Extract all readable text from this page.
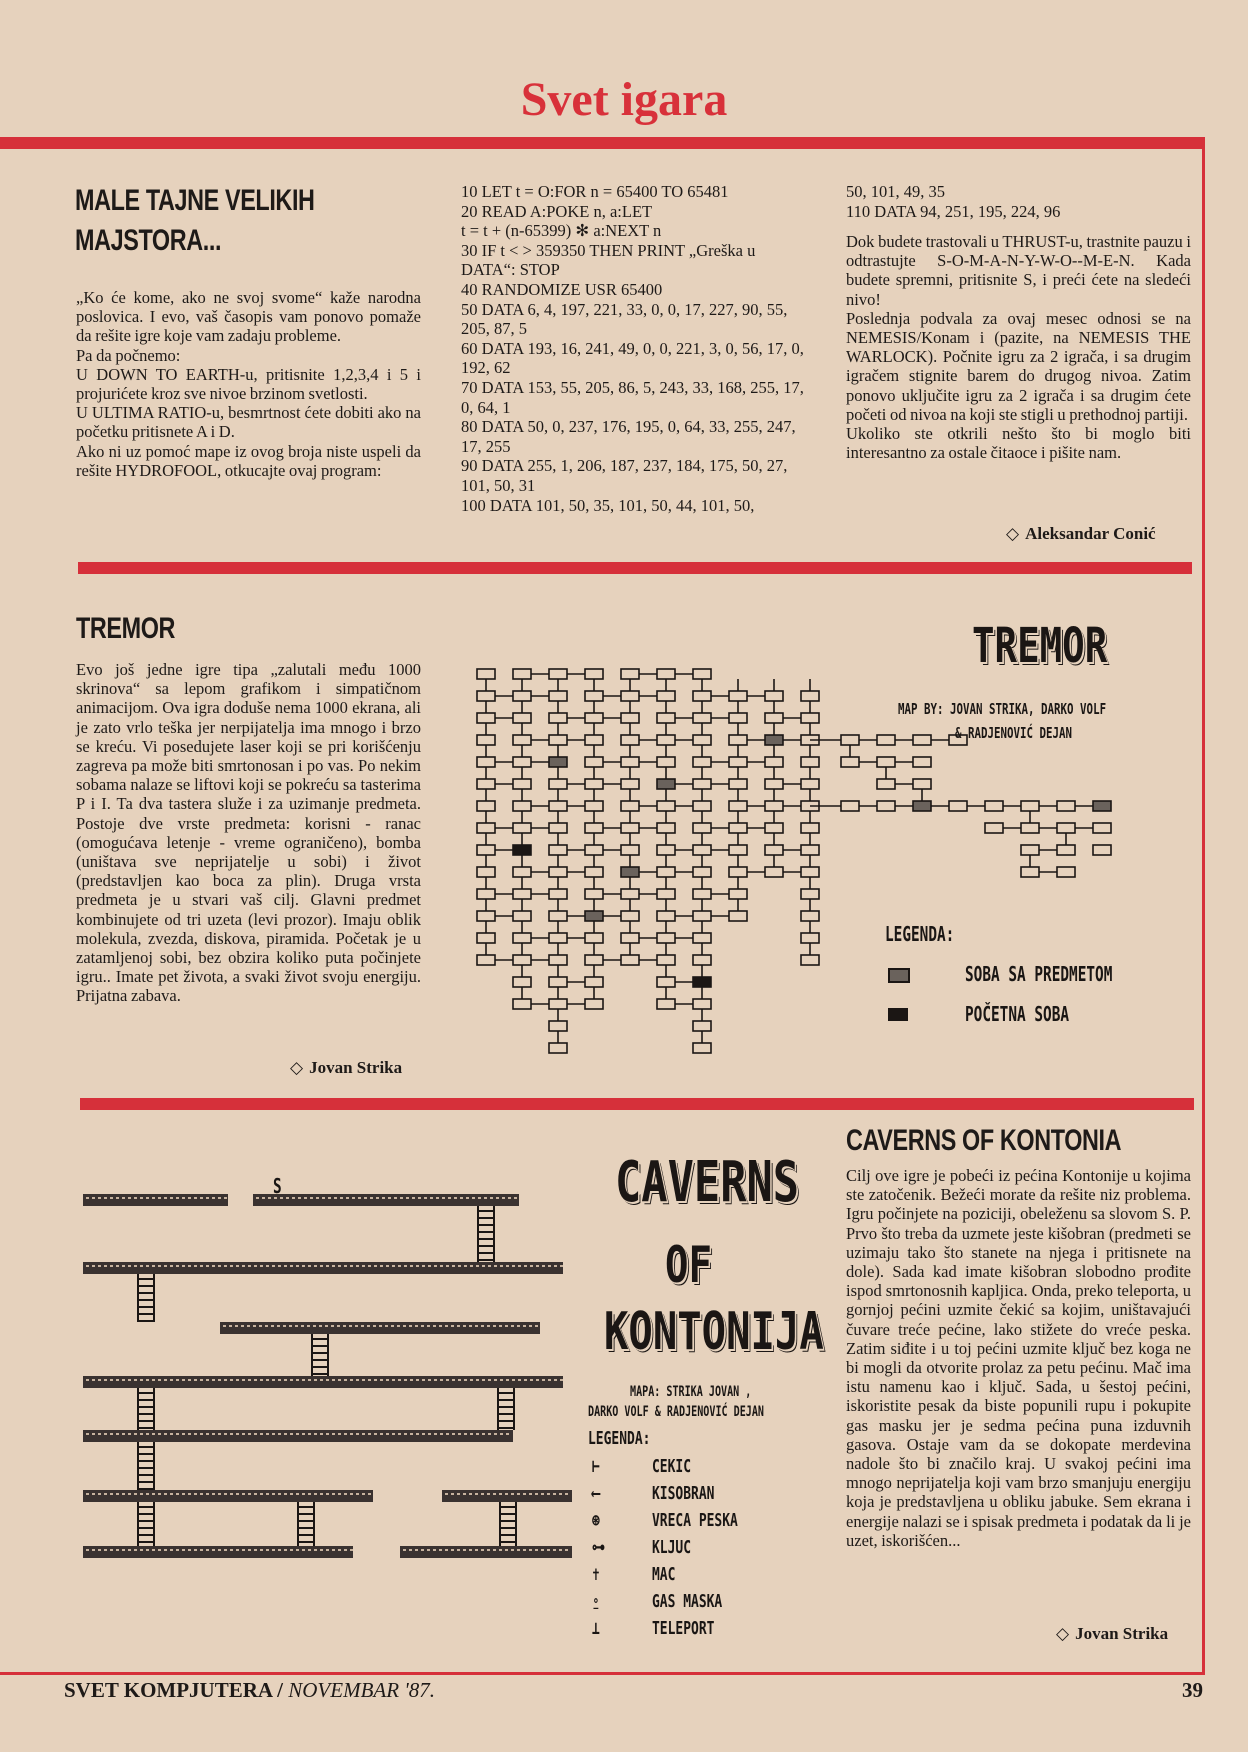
Svet igara
MALE TAJNE VELIKIH
MAJSTORA...
„Ko će kome, ako ne svoj svome“ kaže narodna poslovica. I evo, vaš časopis vam ponovo pomaže da rešite igre koje vam zadaju probleme.
Pa da počnemo:
U DOWN TO EARTH-u, pritisnite 1,2,3,4 i 5 i projurićete kroz sve nivoe brzinom svetlosti.
U ULTIMA RATIO-u, besmrtnost ćete dobiti ako na početku pritisnete A i D.
Ako ni uz pomoć mape iz ovog broja niste uspeli da rešite HYDROFOOL, otkucajte ovaj program:
10 LET t = O:FOR n = 65400 TO 65481
20 READ A:POKE n, a:LET
t = t + (n-65399) ✻ a:NEXT n
30 IF t < > 359350 THEN PRINT „Greška u DATA“: STOP
40 RANDOMIZE USR 65400
50 DATA 6, 4, 197, 221, 33, 0, 0, 17, 227, 90, 55, 205, 87, 5
60 DATA 193, 16, 241, 49, 0, 0, 221, 3, 0, 56, 17, 0, 192, 62
70 DATA 153, 55, 205, 86, 5, 243, 33, 168, 255, 17, 0, 64, 1
80 DATA 50, 0, 237, 176, 195, 0, 64, 33, 255, 247, 17, 255
90 DATA 255, 1, 206, 187, 237, 184, 175, 50, 27, 101, 50, 31
100 DATA 101, 50, 35, 101, 50, 44, 101, 50,
50, 101, 49, 35
110 DATA 94, 251, 195, 224, 96
Dok budete trastovali u THRUST-u, trastnite pauzu i odtrastujte S-O-M-A-N-Y-W-O--M-E-N. Kada budete spremni, pritisnite S, i preći ćete na sledeći nivo!
Poslednja podvala za ovaj mesec odnosi se na NEMESIS/Konam i (pazite, na NEMESIS THE WARLOCK). Počnite igru za 2 igrača, i sa drugim igračem stignite barem do drugog nivoa. Zatim ponovo uključite igru za 2 igrača i sa drugim ćete početi od nivoa na koji ste stigli u prethodnoj partiji.
Ukoliko ste otkrili nešto što bi moglo biti interesantno za ostale čitaoce i pišite nam.
◇ Aleksandar Conić
TREMOR
Evo još jedne igre tipa „zalutali među 1000 skrinova“ sa lepom grafikom i simpatičnom animacijom. Ova igra doduše nema 1000 ekrana, ali je zato vrlo teška jer nerpijatelja ima mnogo i brzo se kreću. Vi posedujete laser koji se pri korišćenju zagreva pa može biti smrtonosan i po vas. Po nekim sobama nalaze se liftovi koji se pokreću sa tasterima P i I. Ta dva tastera služe i za uzimanje predmeta. Postoje dve vrste predmeta: korisni - ranac (omogućava letenje - vreme ograničeno), bomba (uništava sve neprijatelje u sobi) i život (predstavljen kao boca za plin). Druga vrsta predmeta je u stvari vaš cilj. Glavni predmet kombinujete od tri uzeta (levi prozor). Imaju oblik molekula, zvezda, diskova, piramida. Početak je u zatamljenoj sobi, bez obzira koliko puta počinjete igru.. Imate pet života, a svaki život svoju energiju. Prijatna zabava.
◇ Jovan Strika
TREMOR
MAP BY: JOVAN STRIKA, DARKO VOLF
& RADJENOVIĆ DEJAN
LEGENDA:
SOBA SA PREDMETOM
POČETNA SOBA
CAVERNS OF KONTONIA
Cilj ove igre je pobeći iz pećina Kontonije u kojima ste zatočenik. Bežeći morate da rešite niz problema. Igru počinjete na poziciji, obeleženu sa slovom S. P. Prvo što treba da uzmete jeste kišobran (predmeti se uzimaju tako što stanete na njega i pritisnete na dole). Sada kad imate kišobran slobodno prođite ispod smrtonosnih kapljica. Onda, preko teleporta, u gornjoj pećini uzmite čekić sa kojim, uništavajući čuvare treće pećine, lako stižete do vreće peska. Zatim siđite i u toj pećini uzmite ključ bez koga ne bi mogli da otvorite prolaz za petu pećinu. Mač ima istu namenu kao i ključ. Sada, u šestoj pećini, iskoristite pesak da biste popunili rupu i pokupite gas masku jer je sedma pećina puna izduvnih gasova. Ostaje vam da se dokopate merdevina nadole što bi značilo kraj. U svakoj pećini ima mnogo neprijatelja koji vam brzo smanjuju energiju koja je predstavljena u obliku jabuke. Sem ekrana i energije nalazi se i spisak predmeta i podatak da li je uzet, iskorišćen...
◇ Jovan Strika
S	CAVERNS
OF
KONTONIJA
MAPA: STRIKA JOVAN ,
DARKO VOLF & RADJENOVIĆ DEJAN
LEGENDA:
⊢	CEKIC
⟵	KISOBRAN
⊛	VRECA PESKA
⊶	KLJUC
✝	MAC
⍛	GAS MASKA
⊥	TELEPORT
SVET KOMPJUTERA / NOVEMBAR '87.	39
